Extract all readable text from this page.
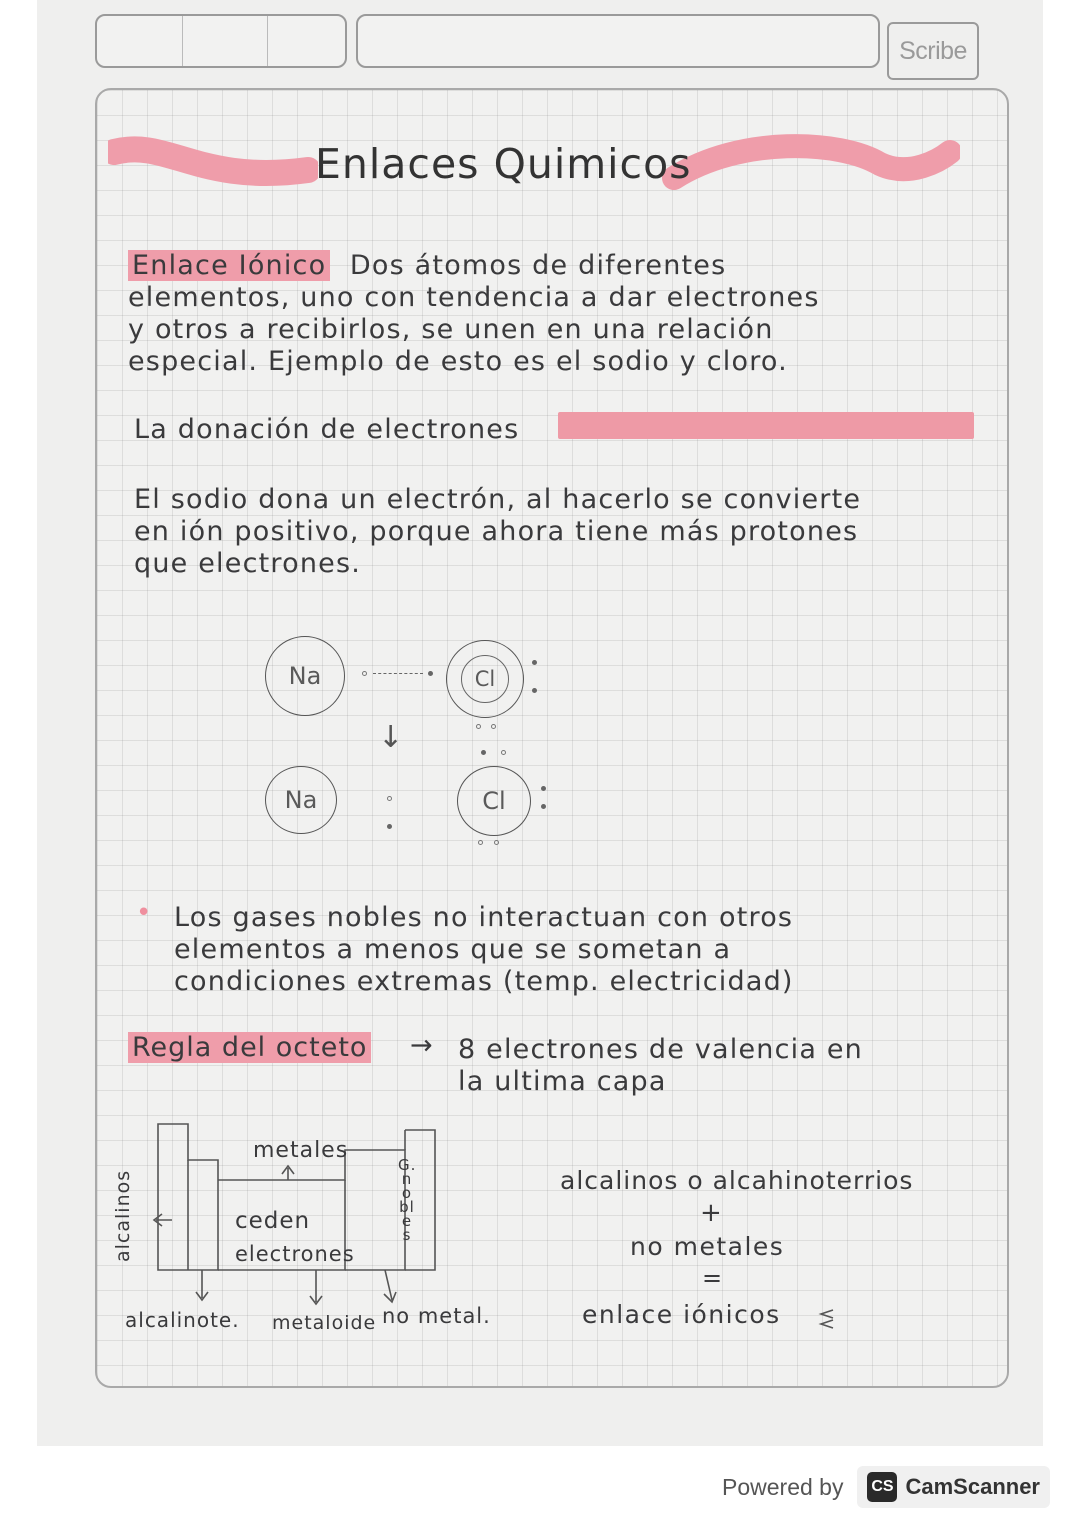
Scribe
Enlaces Quimicos
Enlace Iónico Dos átomos de diferentes
elementos, uno con tendencia a dar electrones
y otros a recibirlos, se unen en una relación
especial. Ejemplo de esto es el sodio y cloro.
La donación de electrones
El sodio dona un electrón, al hacerlo se convierte
en ión positivo, porque ahora tiene más protones
que electrones.
Na	Cl
↓
Na	Cl
• Los gases nobles no interactuan con otros
elementos a menos que se sometan a
condiciones extremas (temp. electricidad)
Regla del octeto → 8 electrones de valencia en
la ultima capa
metales
ceden
electrones
alcalinos
G. nobles
alcalinote. metaloide no metal.
alcalinos o alcahinoterrios
+
no metales
=
enlace iónicos
Powered by CS CamScanner
